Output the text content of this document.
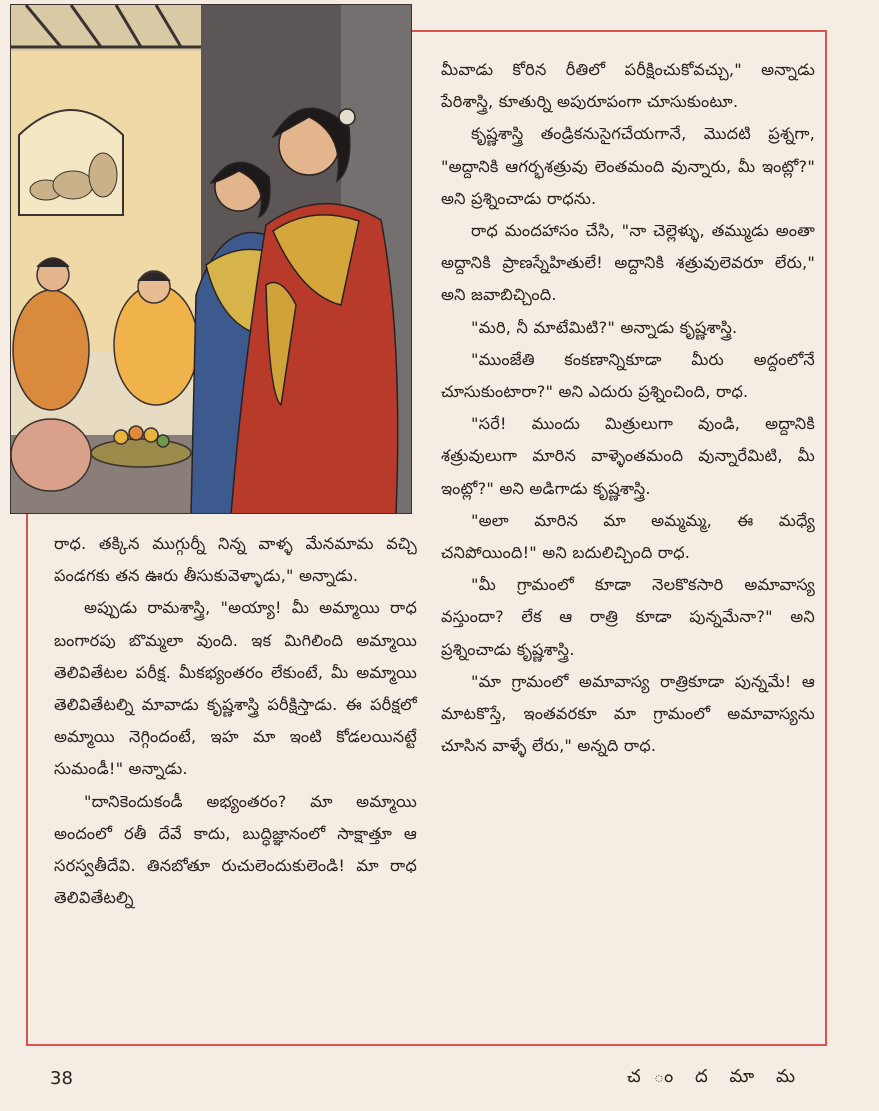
మీవాడు కోరిన రీతిలో పరీక్షించుకోవచ్చు," అన్నాడు పేరిశాస్త్రి, కూతుర్ని అపురూపంగా చూసుకుంటూ.

కృష్ణశాస్త్రి తండ్రికనుసైగచేయగానే, మొదటి ప్రశ్నగా, "అద్దానికి ఆగర్భశత్రువు లెంతమంది వున్నారు, మీ ఇంట్లో?" అని ప్రశ్నించాడు రాధను.

రాధ మందహాసం చేసి, "నా చెల్లెళ్ళు, తమ్ముడు అంతా అద్దానికి ప్రాణస్నేహితులే! అద్దానికి శత్రువులెవరూ లేరు," అని జవాబిచ్చింది.

"మరి, నీ మాటేమిటి?" అన్నాడు కృష్ణశాస్త్రి.

"ముంజేతి కంకణాన్నికూడా మీరు అద్దంలోనే చూసుకుంటారా?" అని ఎదురు ప్రశ్నించింది, రాధ.

"సరే! ముందు మిత్రులుగా వుండి, అద్దానికి శత్రువులుగా మారిన వాళ్ళెంతమంది వున్నారేమిటి, మీ ఇంట్లో?" అని అడిగాడు కృష్ణశాస్త్రి.

"అలా మారిన మా అమ్మమ్మ, ఈ మధ్యే చనిపోయింది!" అని బదులిచ్చింది రాధ.

"మీ గ్రామంలో కూడా నెలకొకసారి అమావాస్య వస్తుందా? లేక ఆ రాత్రి కూడా పున్నమేనా?" అని ప్రశ్నించాడు కృష్ణశాస్త్రి.

"మా గ్రామంలో అమావాస్య రాత్రికూడా పున్నమే! ఆ మాటకొస్తే, ఇంతవరకూ మా గ్రామంలో అమావాస్యను చూసిన వాళ్ళే లేరు," అన్నది రాధ.

రాధ. తక్కిన ముగ్గుర్నీ నిన్న వాళ్ళ మేనమామ వచ్చి పండగకు తన ఊరు తీసుకువెళ్ళాడు," అన్నాడు.

అప్పుడు రామశాస్త్రి, "అయ్యా! మీ అమ్మాయి రాధ బంగారపు బొమ్మలా వుంది. ఇక మిగిలింది అమ్మాయి తెలివితేటల పరీక్ష. మీకభ్యంతరం లేకుంటే, మీ అమ్మాయి తెలివితేటల్ని మావాడు కృష్ణశాస్త్రి పరీక్షిస్తాడు. ఈ పరీక్షలో అమ్మాయి నెగ్గిందంటే, ఇహ మా ఇంటి కోడలయినట్టే సుమండీ!" అన్నాడు.

"దానికెందుకండీ అభ్యంతరం? మా అమ్మాయి అందంలో రతీ దేవే కాదు, బుద్ధిజ్ఞానంలో సాక్షాత్తూ ఆ సరస్వతీదేవి. తినబోతూ రుచులెందుకులెండి! మా రాధ తెలివితేటల్ని

38	చ ం ద మా మ
